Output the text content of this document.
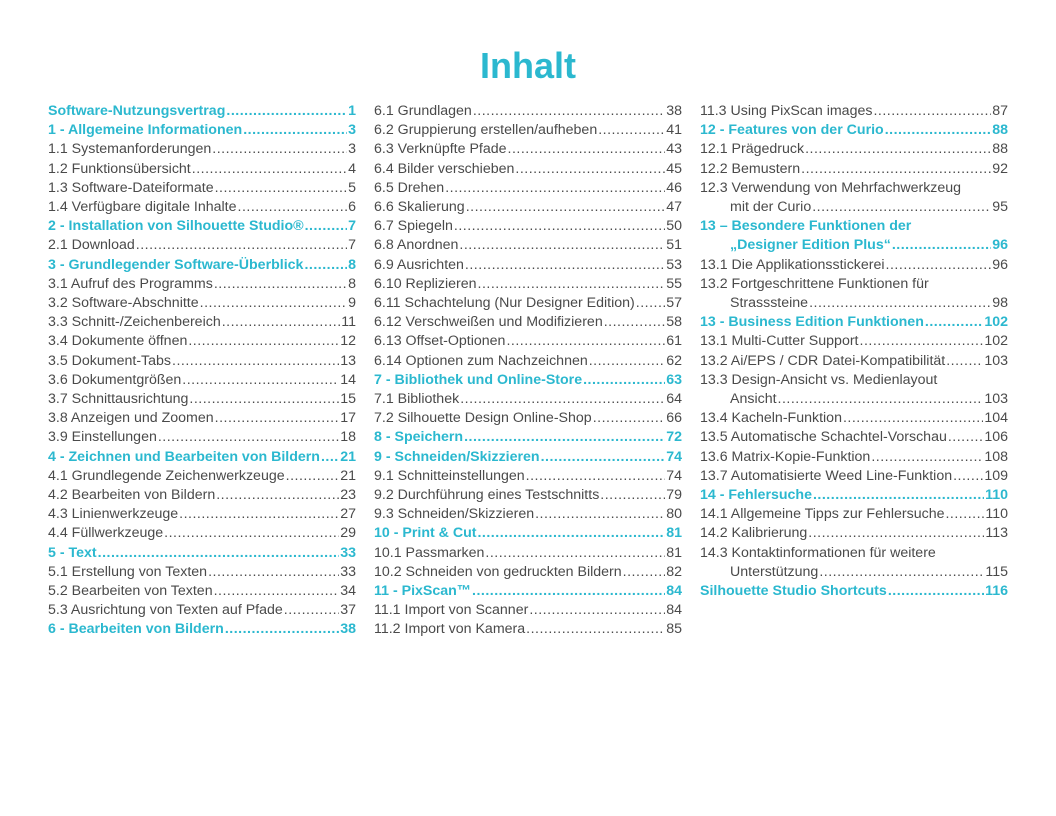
Inhalt
Software-Nutzungsvertrag .....	1
1 - Allgemeine Informationen .....	3
1.1 Systemanforderungen .....	3
1.2 Funktionsübersicht .....	4
1.3 Software-Dateiformate .....	5
1.4 Verfügbare digitale Inhalte .....	6
2 - Installation von Silhouette Studio® .....	7
2.1 Download .....	7
3 - Grundlegender Software-Überblick .....	8
3.1 Aufruf des Programms .....	8
3.2 Software-Abschnitte .....	9
3.3 Schnitt-/Zeichenbereich .....	11
3.4 Dokumente öffnen .....	12
3.5 Dokument-Tabs .....	13
3.6 Dokumentgrößen .....	14
3.7 Schnittausrichtung .....	15
3.8 Anzeigen und Zoomen .....	17
3.9 Einstellungen .....	18
4 - Zeichnen und Bearbeiten von Bildern ..... 21
4.1 Grundlegende Zeichenwerkzeuge .....	21
4.2 Bearbeiten von Bildern .....	23
4.3 Linienwerkzeuge .....	27
4.4 Füllwerkzeuge .....	29
5 - Text .....	33
5.1 Erstellung von Texten .....	33
5.2 Bearbeiten von Texten .....	34
5.3 Ausrichtung von Texten auf Pfade .....	37
6 - Bearbeiten von Bildern .....	38
6.1 Grundlagen .....	38
6.2 Gruppierung erstellen/aufheben .....	41
6.3 Verknüpfte Pfade .....	43
6.4 Bilder verschieben .....	45
6.5 Drehen .....	46
6.6 Skalierung .....	47
6.7 Spiegeln .....	50
6.8 Anordnen .....	51
6.9 Ausrichten .....	53
6.10 Replizieren .....	55
6.11 Schachtelung (Nur Designer Edition) ..... 57
6.12 Verschweißen und Modifizieren .....	58
6.13 Offset-Optionen .....	61
6.14 Optionen zum Nachzeichnen .....	62
7 - Bibliothek und Online-Store .....	63
7.1 Bibliothek .....	64
7.2 Silhouette Design Online-Shop .....	66
8 - Speichern .....	72
9 - Schneiden/Skizzieren .....	74
9.1 Schnitteinstellungen .....	74
9.2 Durchführung eines Testschnitts .....	79
9.3 Schneiden/Skizzieren .....	80
10 - Print & Cut .....	81
10.1 Passmarken .....	81
10.2 Schneiden von gedruckten Bildern .....	82
11 - PixScan™ .....	84
11.1 Import von Scanner .....	84
11.2 Import von Kamera .....	85
11.3 Using PixScan images .....	87
12 - Features von der Curio .....	88
12.1 Prägedruck .....	88
12.2 Bemustern .....	92
12.3 Verwendung von Mehrfachwerkzeug
mit der Curio .....	95
13 – Besondere Funktionen der
„Designer Edition Plus“ .....	96
13.1 Die Applikationsstickerei .....	96
13.2 Fortgeschrittene Funktionen für
Strasssteine .....	98
13 - Business Edition Funktionen .....	102
13.1 Multi-Cutter Support .....	102
13.2 Ai/EPS / CDR Datei-Kompatibilität .....	103
13.3 Design-Ansicht vs. Medienlayout
Ansicht .....	103
13.4 Kacheln-Funktion .....	104
13.5 Automatische Schachtel-Vorschau .....	106
13.6 Matrix-Kopie-Funktion .....	108
13.7 Automatisierte Weed Line-Funktion ..... 109
14 - Fehlersuche .....	110
14.1 Allgemeine Tipps zur Fehlersuche .....	110
14.2 Kalibrierung .....	113
14.3 Kontaktinformationen für weitere
Unterstützung .....	115
Silhouette Studio Shortcuts .....	116
